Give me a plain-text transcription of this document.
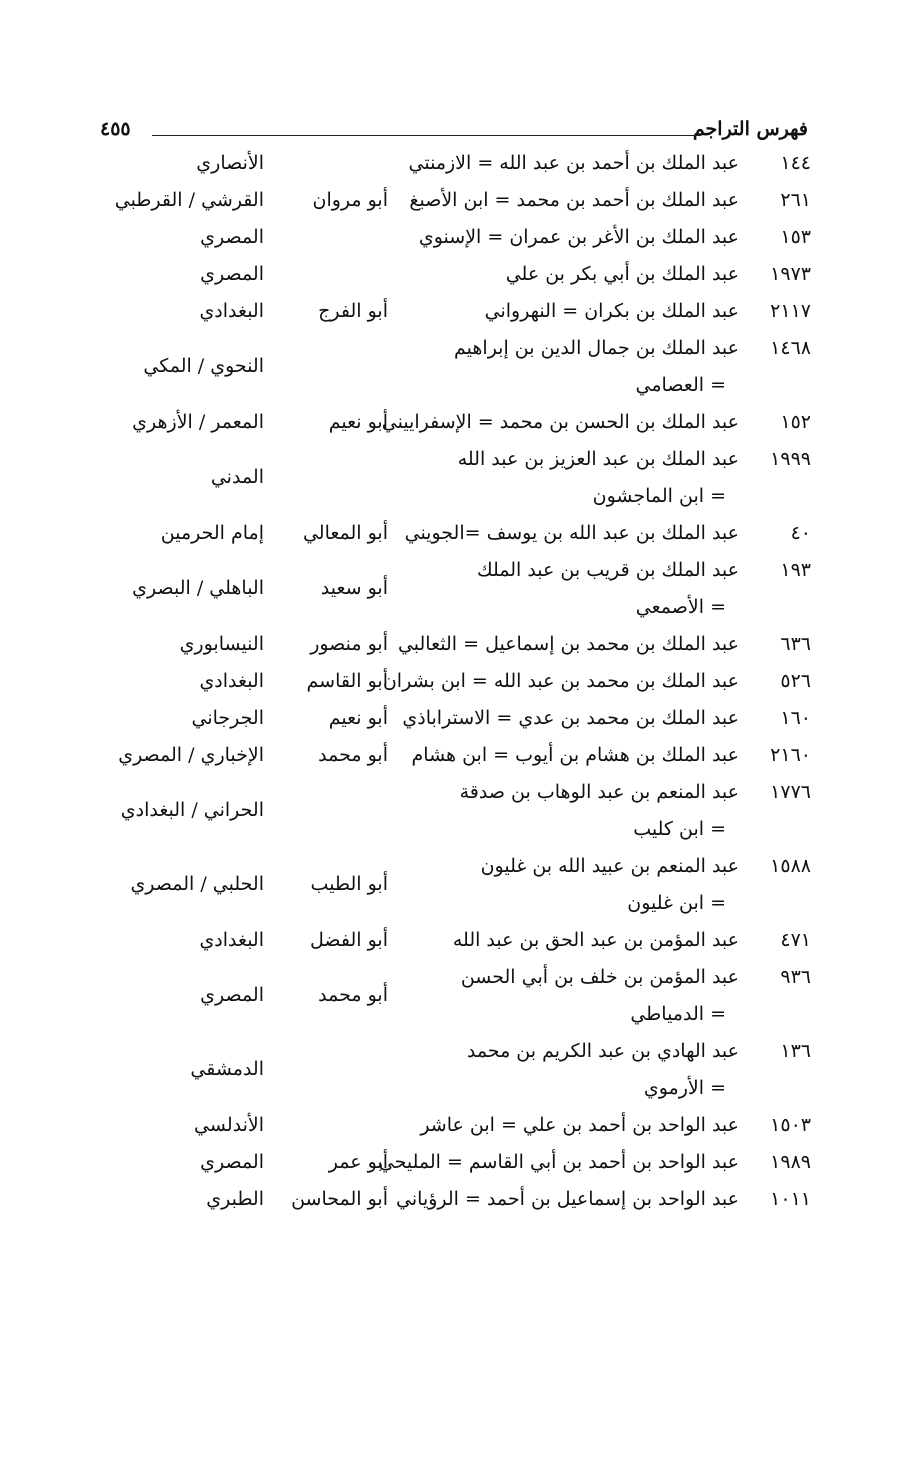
فهرس التراجم
٤٥٥
١٤٤
عبد الملك بن أحمد بن عبد الله = الازمنتي
الأنصاري
٢٦١
عبد الملك بن أحمد بن محمد = ابن الأصبغ
أبو مروان
القرشي / القرطبي
١٥٣
عبد الملك بن الأغر بن عمران = الإسنوي
المصري
١٩٧٣
عبد الملك بن أبي بكر بن علي
المصري
٢١١٧
عبد الملك بن بكران = النهرواني
أبو الفرج
البغدادي
١٤٦٨
عبد الملك بن جمال الدين بن إبراهيم
النحوي / المكي
= العصامي
١٥٢
عبد الملك بن الحسن بن محمد = الإسفراييني
أبو نعيم
المعمر / الأزهري
١٩٩٩
عبد الملك بن عبد العزيز بن عبد الله
المدني
= ابن الماجشون
٤٠
عبد الملك بن عبد الله بن يوسف =الجويني
أبو المعالي
إمام الحرمين
١٩٣
عبد الملك بن قريب بن عبد الملك
أبو سعيد
الباهلي / البصري
= الأصمعي
٦٣٦
عبد الملك بن محمد بن إسماعيل = الثعالبي
أبو منصور
النيسابوري
٥٢٦
عبد الملك بن محمد بن عبد الله = ابن بشران
أبو القاسم
البغدادي
١٦٠
عبد الملك بن محمد بن عدي = الاستراباذي
أبو نعيم
الجرجاني
٢١٦٠
عبد الملك بن هشام بن أيوب = ابن هشام
أبو محمد
الإخباري / المصري
١٧٧٦
عبد المنعم بن عبد الوهاب بن صدقة
الحراني / البغدادي
= ابن كليب
١٥٨٨
عبد المنعم بن عبيد الله بن غليون
أبو الطيب
الحلبي / المصري
= ابن غليون
٤٧١
عبد المؤمن بن عبد الحق بن عبد الله
أبو الفضل
البغدادي
٩٣٦
عبد المؤمن بن خلف بن أبي الحسن
أبو محمد
المصري
= الدمياطي
١٣٦
عبد الهادي بن عبد الكريم بن محمد
الدمشقي
= الأرموي
١٥٠٣
عبد الواحد بن أحمد بن علي = ابن عاشر
الأندلسي
١٩٨٩
عبد الواحد بن أحمد بن أبي القاسم = المليحي
أبو عمر
المصري
١٠١١
عبد الواحد بن إسماعيل بن أحمد = الرؤياني
أبو المحاسن
الطبري
